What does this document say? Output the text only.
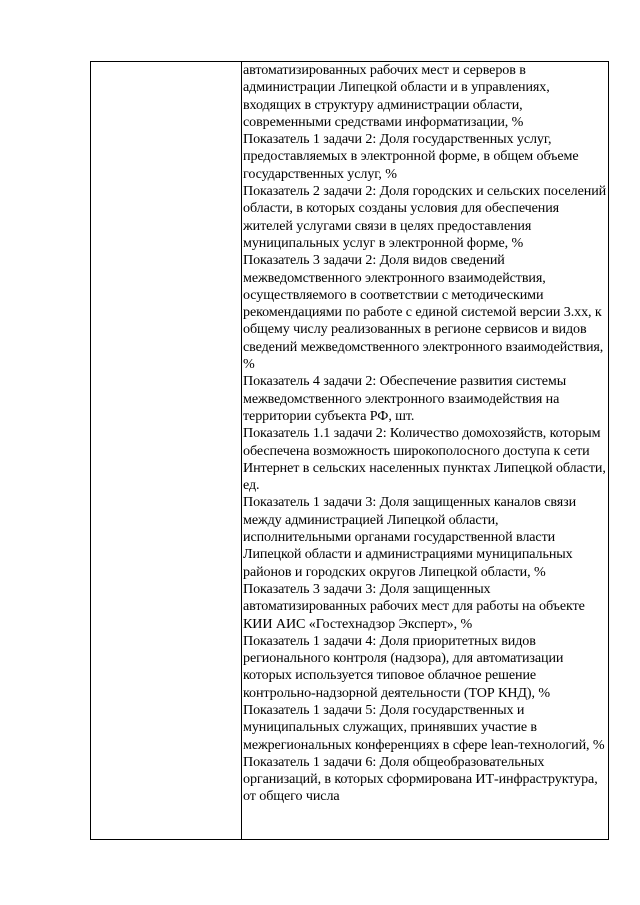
автоматизированных рабочих мест и серверов в администрации Липецкой области и в управлениях, входящих в структуру администрации области, современными средствами информатизации, %

Показатель 1 задачи 2: Доля государственных услуг, предоставляемых в электронной форме, в общем объеме государственных услуг, %

Показатель 2 задачи 2: Доля городских и сельских поселений области, в которых созданы условия для обеспечения жителей услугами связи в целях предоставления муниципальных услуг в электронной форме, %

Показатель 3 задачи 2: Доля видов сведений межведомственного электронного взаимодействия, осуществляемого в соответствии с методическими рекомендациями по работе с единой системой версии 3.хх, к общему числу реализованных в регионе сервисов и видов сведений межведомственного электронного взаимодействия, %

Показатель 4 задачи 2: Обеспечение развития системы межведомственного электронного взаимодействия на территории субъекта РФ, шт.

Показатель 1.1 задачи 2: Количество домохозяйств, которым обеспечена возможность широкополосного доступа к сети Интернет в сельских населенных пунктах Липецкой области, ед.

Показатель 1 задачи 3: Доля защищенных каналов связи между администрацией Липецкой области, исполнительными органами государственной власти Липецкой области и администрациями муниципальных районов и городских округов Липецкой области, %

Показатель 3 задачи 3: Доля защищенных автоматизированных рабочих мест для работы на объекте КИИ АИС «Гостехнадзор Эксперт», %

Показатель 1 задачи 4: Доля приоритетных видов регионального контроля (надзора), для автоматизации которых используется типовое облачное решение контрольно-надзорной деятельности (ТОР КНД), %

Показатель 1 задачи 5: Доля государственных и муниципальных служащих, принявших участие в межрегиональных конференциях в сфере lean-технологий, %

Показатель 1 задачи 6: Доля общеобразовательных организаций, в которых сформирована ИТ-инфраструктура, от общего числа
